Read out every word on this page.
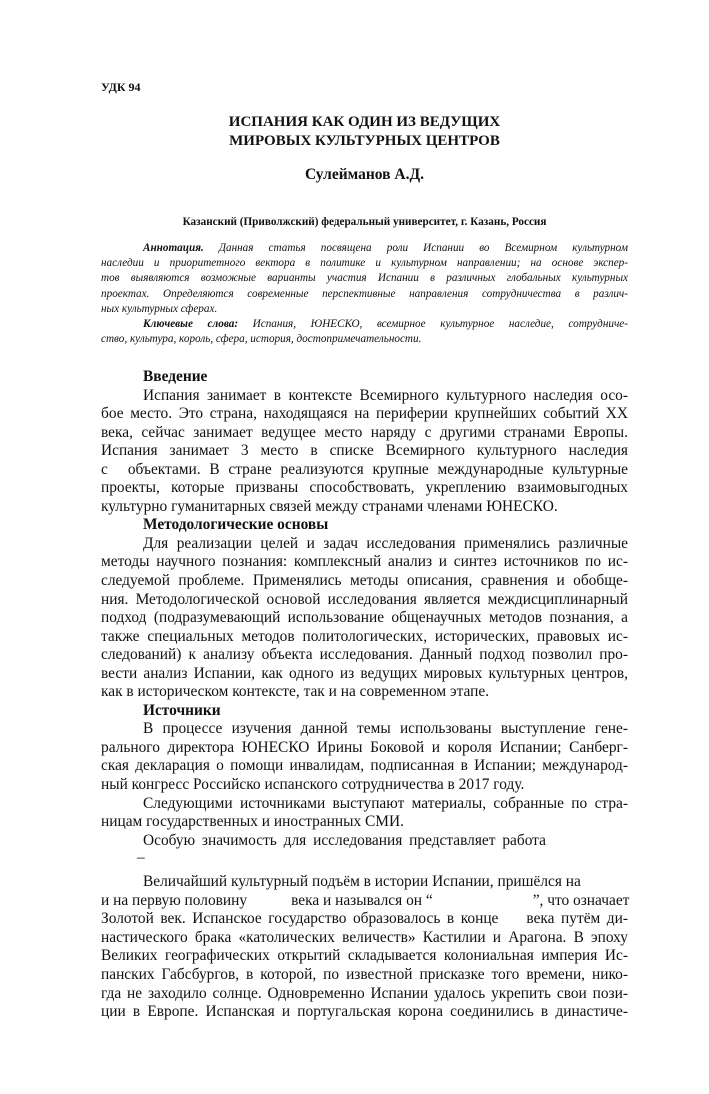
УДК 94
ИСПАНИЯ КАК ОДИН ИЗ ВЕДУЩИХ
МИРОВЫХ КУЛЬТУРНЫХ ЦЕНТРОВ
Сулейманов А.Д.
Казанский (Приволжский) федеральный университет, г. Казань, Россия
Аннотация. Данная статья посвящена роли Испании во Всемирном культурном
наследии и приоритетного вектора в политике и культурном направлении; на основе экспер-
тов выявляются возможные варианты участия Испании в различных глобальных культурных
проектах. Определяются современные перспективные направления сотрудничества в различ-
ных культурных сферах.
Ключевые слова: Испания, ЮНЕСКО, всемирное культурное наследие, сотрудниче-
ство, культура, король, сфера, история, достопримечательности.
Введение
Испания занимает в контексте Всемирного культурного наследия осо-
бое место. Это страна, находящаяся на периферии крупнейших событий XX
века, сейчас занимает ведущее место наряду с другими странами Европы.
Испания занимает 3 место в списке Всемирного культурного наследия
с объектами. В стране реализуются крупные международные культурные
проекты, которые призваны способствовать, укреплению взаимовыгодных
культурно гуманитарных связей между странами членами ЮНЕСКО.
Методологические основы
Для реализации целей и задач исследования применялись различные
методы научного познания: комплексный анализ и синтез источников по ис-
следуемой проблеме. Применялись методы описания, сравнения и обобще-
ния. Методологической основой исследования является междисциплинарный
подход (подразумевающий использование общенаучных методов познания, а
также специальных методов политологических, исторических, правовых ис-
следований) к анализу объекта исследования. Данный подход позволил про-
вести анализ Испании, как одного из ведущих мировых культурных центров,
как в историческом контексте, так и на современном этапе.
Источники
В процессе изучения данной темы использованы выступление гене-
рального директора ЮНЕСКО Ирины Боковой и короля Испании; Санберг-
ская декларация о помощи инвалидам, подписанная в Испании; международ-
ный конгресс Российско испанского сотрудничества в 2017 году.
Следующими источниками выступают материалы, собранные по стра-
ницам государственных и иностранных СМИ.
Особую значимость для исследования представляет работа
–
Величайший культурный подъём в истории Испании, пришёлся на
и на первую половину	века и назывался он “	”, что означает
Золотой век. Испанское государство образовалось в конце века путём ди-
настического брака «католических величеств» Кастилии и Арагона. В эпоху
Великих географических открытий складывается колониальная империя Ис-
панских Габсбургов, в которой, по известной присказке того времени, нико-
гда не заходило солнце. Одновременно Испании удалось укрепить свои пози-
ции в Европе. Испанская и португальская корона соединились в династиче-
